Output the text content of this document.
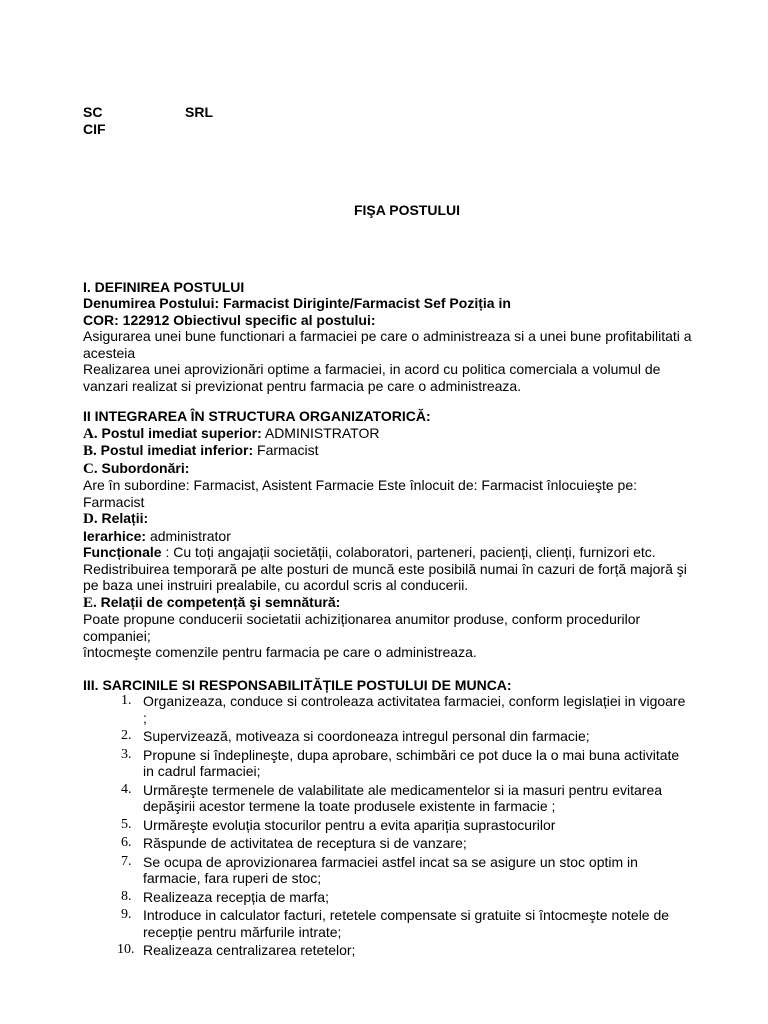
SC	SRL
CIF
FIŞA POSTULUI

I. DEFINIREA POSTULUI

Denumirea Postului: Farmacist Diriginte/Farmacist Sef Poziția in

COR: 122912 Obiectivul specific al postului:

Asigurarea unei bune functionari a farmaciei pe care o administreaza si a unei bune profitabilitati a acesteia

Realizarea unei aprovizionări optime a farmaciei, in acord cu politica comerciala a volumul de vanzari realizat si previzionat pentru farmacia pe care o administreaza.

II INTEGRAREA ÎN STRUCTURA ORGANIZATORICĂ:

A. Postul imediat superior: ADMINISTRATOR

B. Postul imediat inferior: Farmacist

C. Subordonări:

Are în subordine: Farmacist, Asistent Farmacie Este înlocuit de: Farmacist înlocuieşte pe: Farmacist

D. Relații:

Ierarhice: administrator

Funcționale : Cu toți angajații societății, colaboratori, parteneri, pacienți, clienți, furnizori etc.

Redistribuirea temporară pe alte posturi de muncă este posibilă numai în cazuri de forță majoră şi pe baza unei instruiri prealabile, cu acordul scris al conducerii.

E. Relații de competență şi semnătură:

Poate propune conducerii societatii achiziționarea anumitor produse, conform procedurilor companiei;

întocmeşte comenzile pentru farmacia pe care o administreaza.

III. SARCINILE SI RESPONSABILITĂȚILE POSTULUI DE MUNCA:

1. Organizeaza, conduce si controleaza activitatea farmaciei, conform legislației in vigoare ;
2. Supervizează, motiveaza si coordoneaza intregul personal din farmacie;
3. Propune si îndeplineşte, dupa aprobare, schimbări ce pot duce la o mai buna activitate in cadrul farmaciei;
4. Urmăreşte termenele de valabilitate ale medicamentelor si ia masuri pentru evitarea depăşirii acestor termene la toate produsele existente in farmacie ;
5. Urmăreşte evoluția stocurilor pentru a evita apariția suprastocurilor
6. Răspunde de activitatea de receptura si de vanzare;
7. Se ocupa de aprovizionarea farmaciei astfel incat sa se asigure un stoc optim in farmacie, fara ruperi de stoc;
8. Realizeaza recepția de marfa;
9. Introduce in calculator facturi, retetele compensate si gratuite si întocmeşte notele de recepție pentru mărfurile intrate;
10. Realizeaza centralizarea retetelor;
